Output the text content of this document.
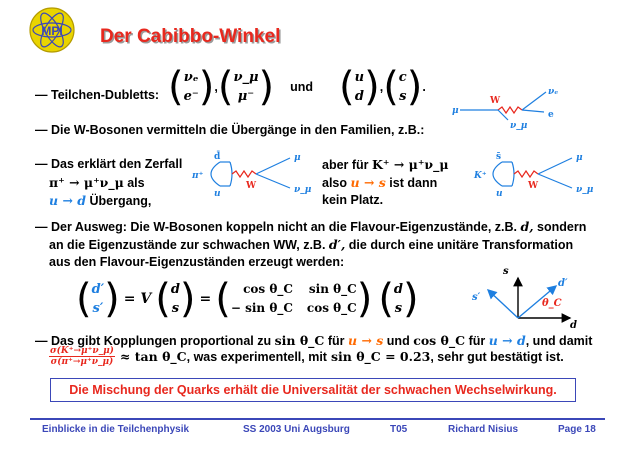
MPI Der Cabibbo-Winkel
— Teilchen-Dubletts: ( νₑ
e⁻ ) , ( ν_μ
μ⁻ ) und ( u
d ) , ( c
s ) .
μ
W
νₑ
ν_μ
e
— Die W-Bosonen vermitteln die Übergänge in den Familien, z.B.:
— Das erklärt den Zerfall
π⁺ → μ⁺ν_μ als
u → d Übergang,
d̄
u
π⁺
W
μ
ν_μ
aber für K⁺ → μ⁺ν_μ
also u → s ist dann
kein Platz.
s̄
u
K⁺
W
μ
ν_μ
— Der Ausweg: Die W-Bosonen koppeln nicht an die Flavour-Eigenzustände, z.B. d, sondern
an die Eigenzustände zur schwachen WW, z.B. d′, die durch eine unitäre Transformation
aus den Flavour-Eigenzuständen erzeugt werden:
( d′
s′ ) = V ( d
s ) = (	cos θ_C sin θ_C
− sin θ_C cos θ_C ) ( d
s )
s
d
d′
s′
θ_C
— Das gibt Kopplungen proportional zu sin θ_C für u → s und cos θ_C für u → d, und damit
$\frac{\sigma(K^+\to\mu^+\nu\_\mu)}{\sigma(\pi^+\to\mu^+\nu\_\mu)} \approx \tan$ θ_C , was experimentell, mit sin θ_C = 0.23 , sehr gut bestätigt ist.
Die Mischung der Quarks erhält die Universalität der schwachen Wechselwirkung.
Einblicke in die Teilchenphysik	SS 2003 Uni Augsburg	T05	Richard Nisius	Page 18
